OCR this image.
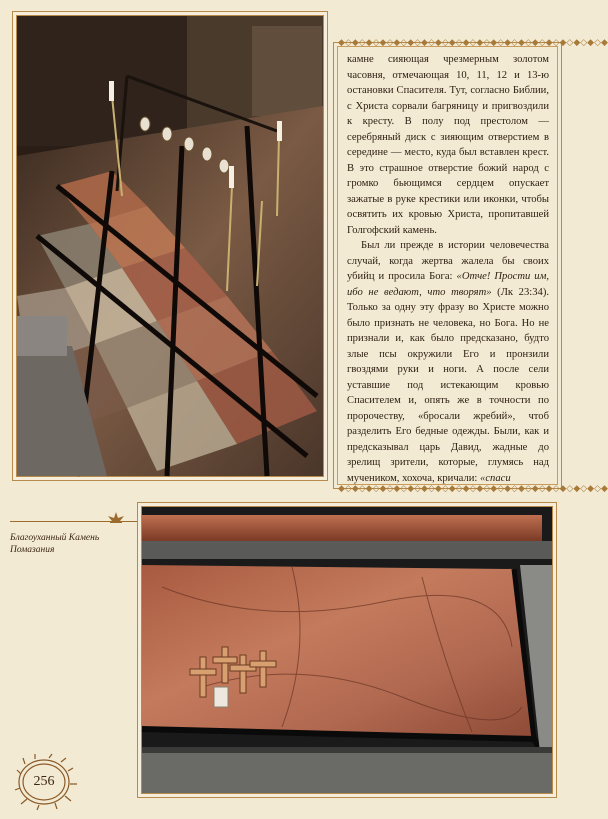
◆◇◆◇◆◇◆◇◆◇◆◇◆◇◆◇◆◇◆◇◆◇◆◇◆◇◆◇◆◇◆◇◆◇◆◇◆◇◆
◆◇◆◇◆◇◆◇◆◇◆◇◆◇◆◇◆◇◆◇◆◇◆◇◆◇◆◇◆◇◆◇◆◇◆◇◆◇◆

камне сияющая чрезмерным золотом часовня, отмечающая 10, 11, 12 и 13-ю остановки Спасителя. Тут, согласно Библии, с Христа сорвали багряницу и пригвоздили к кресту. В полу под престолом — серебряный диск с зияющим отверстием в середине — место, куда был вставлен крест. В это страшное отверстие божий народ с громко бьющимся сердцем опускает зажатые в руке крестики или иконки, чтобы освятить их кровью Христа, пропитавшей Голгофский камень.

Был ли прежде в истории человечества случай, когда жертва жалела бы своих убийц и просила Бога: «Отче! Прости им, ибо не ведают, что творят» (Лк 23:34). Только за одну эту фразу во Христе можно было признать не человека, но Бога. Но не признали и, как было предсказано, будто злые псы окружили Его и пронзили гвоздями руки и ноги. А после сели уставшие под истекающим кровью Спасителем и, опять же в точности по пророчеству, «бросали жребий», чтоб разделить Его бедные одежды. Были, как и предсказывал царь Давид, жадные до зрелищ зрители, которые, глумясь над мучеником, хохоча, кричали: «спаси

Благоуханный Камень
Помазания
256
